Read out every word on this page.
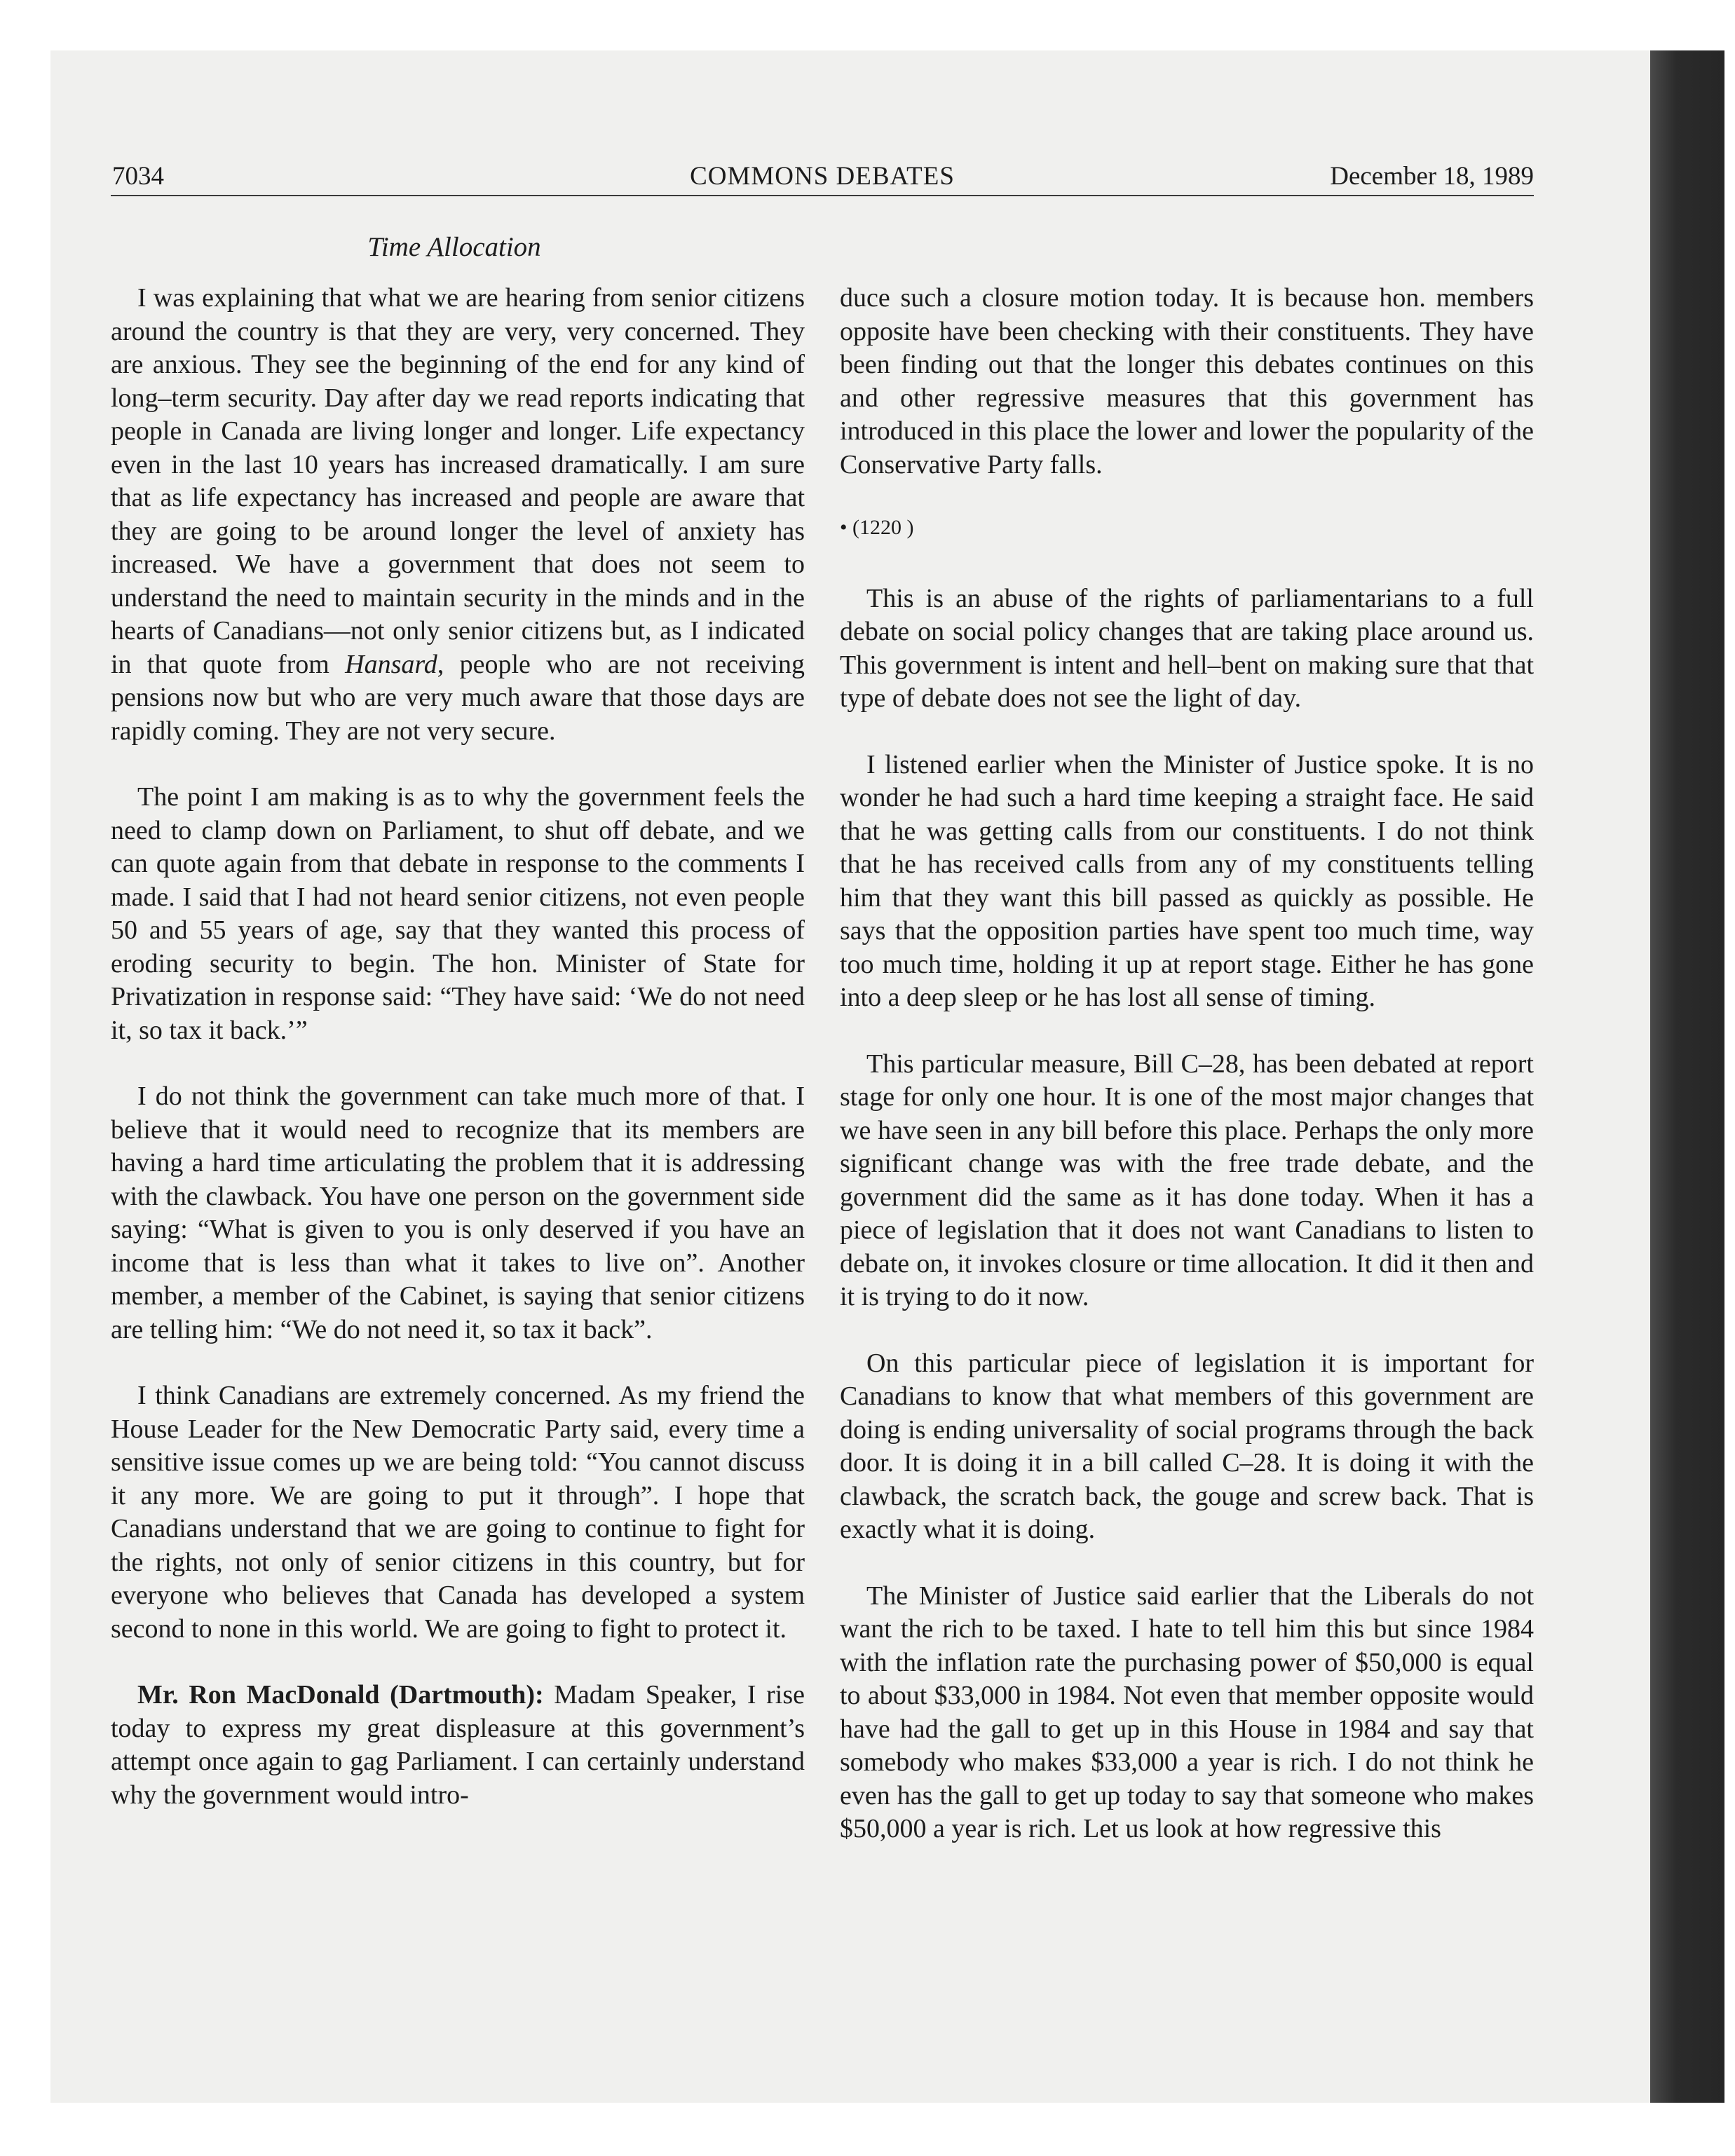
7034	COMMONS DEBATES	December 18, 1989
Time Allocation

I was explaining that what we are hearing from senior citizens around the country is that they are very, very concerned. They are anxious. They see the beginning of the end for any kind of long–term security. Day after day we read reports indicating that people in Canada are living longer and longer. Life expectancy even in the last 10 years has increased dramatically. I am sure that as life expectancy has increased and people are aware that they are going to be around longer the level of anxiety has increased. We have a government that does not seem to understand the need to maintain security in the minds and in the hearts of Canadians—not only senior citizens but, as I indicated in that quote from Hansard, people who are not receiving pensions now but who are very much aware that those days are rapidly coming. They are not very secure.

The point I am making is as to why the government feels the need to clamp down on Parliament, to shut off debate, and we can quote again from that debate in response to the comments I made. I said that I had not heard senior citizens, not even people 50 and 55 years of age, say that they wanted this process of eroding security to begin. The hon. Minister of State for Privatization in response said: “They have said: ‘We do not need it, so tax it back.’”

I do not think the government can take much more of that. I believe that it would need to recognize that its members are having a hard time articulating the problem that it is addressing with the clawback. You have one person on the government side saying: “What is given to you is only deserved if you have an income that is less than what it takes to live on”. Another member, a member of the Cabinet, is saying that senior citizens are telling him: “We do not need it, so tax it back”.

I think Canadians are extremely concerned. As my friend the House Leader for the New Democratic Party said, every time a sensitive issue comes up we are being told: “You cannot discuss it any more. We are going to put it through”. I hope that Canadians understand that we are going to continue to fight for the rights, not only of senior citizens in this country, but for everyone who believes that Canada has developed a system second to none in this world. We are going to fight to protect it.

Mr. Ron MacDonald (Dartmouth): Madam Speaker, I rise today to express my great displeasure at this government’s attempt once again to gag Parliament. I can certainly understand why the government would intro-

duce such a closure motion today. It is because hon. members opposite have been checking with their constituents. They have been finding out that the longer this debates continues on this and other regressive measures that this government has introduced in this place the lower and lower the popularity of the Conservative Party falls.

• (1220 )

This is an abuse of the rights of parliamentarians to a full debate on social policy changes that are taking place around us. This government is intent and hell–bent on making sure that that type of debate does not see the light of day.

I listened earlier when the Minister of Justice spoke. It is no wonder he had such a hard time keeping a straight face. He said that he was getting calls from our constituents. I do not think that he has received calls from any of my constituents telling him that they want this bill passed as quickly as possible. He says that the opposition parties have spent too much time, way too much time, holding it up at report stage. Either he has gone into a deep sleep or he has lost all sense of timing.

This particular measure, Bill C–28, has been debated at report stage for only one hour. It is one of the most major changes that we have seen in any bill before this place. Perhaps the only more significant change was with the free trade debate, and the government did the same as it has done today. When it has a piece of legislation that it does not want Canadians to listen to debate on, it invokes closure or time allocation. It did it then and it is trying to do it now.

On this particular piece of legislation it is important for Canadians to know that what members of this government are doing is ending universality of social programs through the back door. It is doing it in a bill called C–28. It is doing it with the clawback, the scratch back, the gouge and screw back. That is exactly what it is doing.

The Minister of Justice said earlier that the Liberals do not want the rich to be taxed. I hate to tell him this but since 1984 with the inflation rate the purchasing power of $50,000 is equal to about $33,000 in 1984. Not even that member opposite would have had the gall to get up in this House in 1984 and say that somebody who makes $33,000 a year is rich. I do not think he even has the gall to get up today to say that someone who makes $50,000 a year is rich. Let us look at how regressive this
